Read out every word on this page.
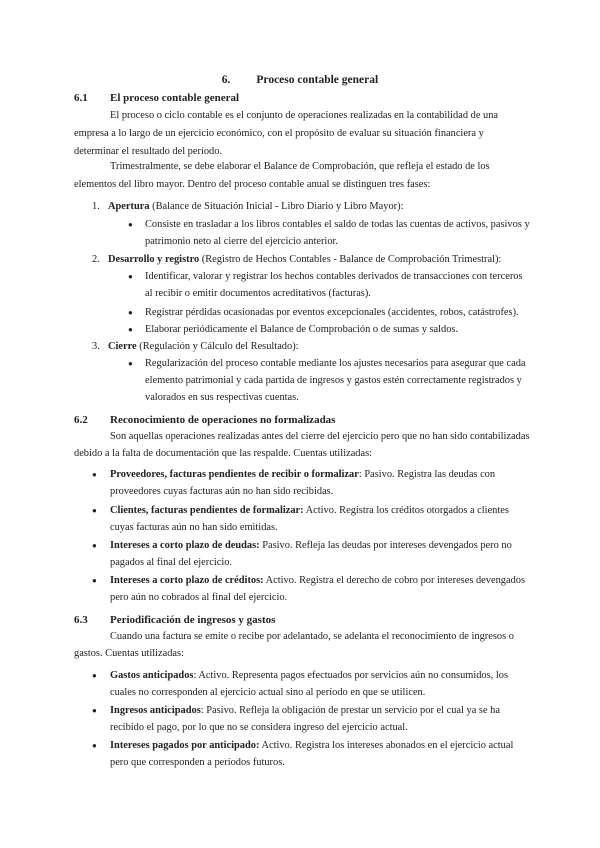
6. Proceso contable general
6.1 El proceso contable general
El proceso o ciclo contable es el conjunto de operaciones realizadas en la contabilidad de una
empresa a lo largo de un ejercicio económico, con el propósito de evaluar su situación financiera y
determinar el resultado del período.
Trimestralmente, se debe elaborar el Balance de Comprobación, que refleja el estado de los
elementos del libro mayor. Dentro del proceso contable anual se distinguen tres fases:
1. Apertura (Balance de Situación Inicial - Libro Diario y Libro Mayor):
●	Consiste en trasladar a los libros contables el saldo de todas las cuentas de activos, pasivos y
patrimonio neto al cierre del ejercicio anterior.
2. Desarrollo y registro (Registro de Hechos Contables - Balance de Comprobación Trimestral):
●	Identificar, valorar y registrar los hechos contables derivados de transacciones con terceros
al recibir o emitir documentos acreditativos (facturas).
●	Registrar pérdidas ocasionadas por eventos excepcionales (accidentes, robos, catástrofes).
●	Elaborar periódicamente el Balance de Comprobación o de sumas y saldos.
3. Cierre (Regulación y Cálculo del Resultado):
●	Regularización del proceso contable mediante los ajustes necesarios para asegurar que cada
elemento patrimonial y cada partida de ingresos y gastos estén correctamente registrados y
valorados en sus respectivas cuentas.
6.2 Reconocimiento de operaciones no formalizadas
Son aquellas operaciones realizadas antes del cierre del ejercicio pero que no han sido contabilizadas
debido a la falta de documentación que las respalde. Cuentas utilizadas:
●	Proveedores, facturas pendientes de recibir o formalizar: Pasivo. Registra las deudas con
proveedores cuyas facturas aún no han sido recibidas.
●	Clientes, facturas pendientes de formalizar: Activo. Registra los créditos otorgados a clientes
cuyas facturas aún no han sido emitidas.
●	Intereses a corto plazo de deudas: Pasivo. Refleja las deudas por intereses devengados pero no
pagados al final del ejercicio.
●	Intereses a corto plazo de créditos: Activo. Registra el derecho de cobro por intereses devengados
pero aún no cobrados al final del ejercicio.
6.3 Periodificación de ingresos y gastos
Cuando una factura se emite o recibe por adelantado, se adelanta el reconocimiento de ingresos o
gastos. Cuentas utilizadas:
●	Gastos anticipados: Activo. Representa pagos efectuados por servicios aún no consumidos, los
cuales no corresponden al ejercicio actual sino al período en que se utilicen.
●	Ingresos anticipados: Pasivo. Refleja la obligación de prestar un servicio por el cual ya se ha
recibido el pago, por lo que no se considera ingreso del ejercicio actual.
●	Intereses pagados por anticipado: Activo. Registra los intereses abonados en el ejercicio actual
pero que corresponden a períodos futuros.
